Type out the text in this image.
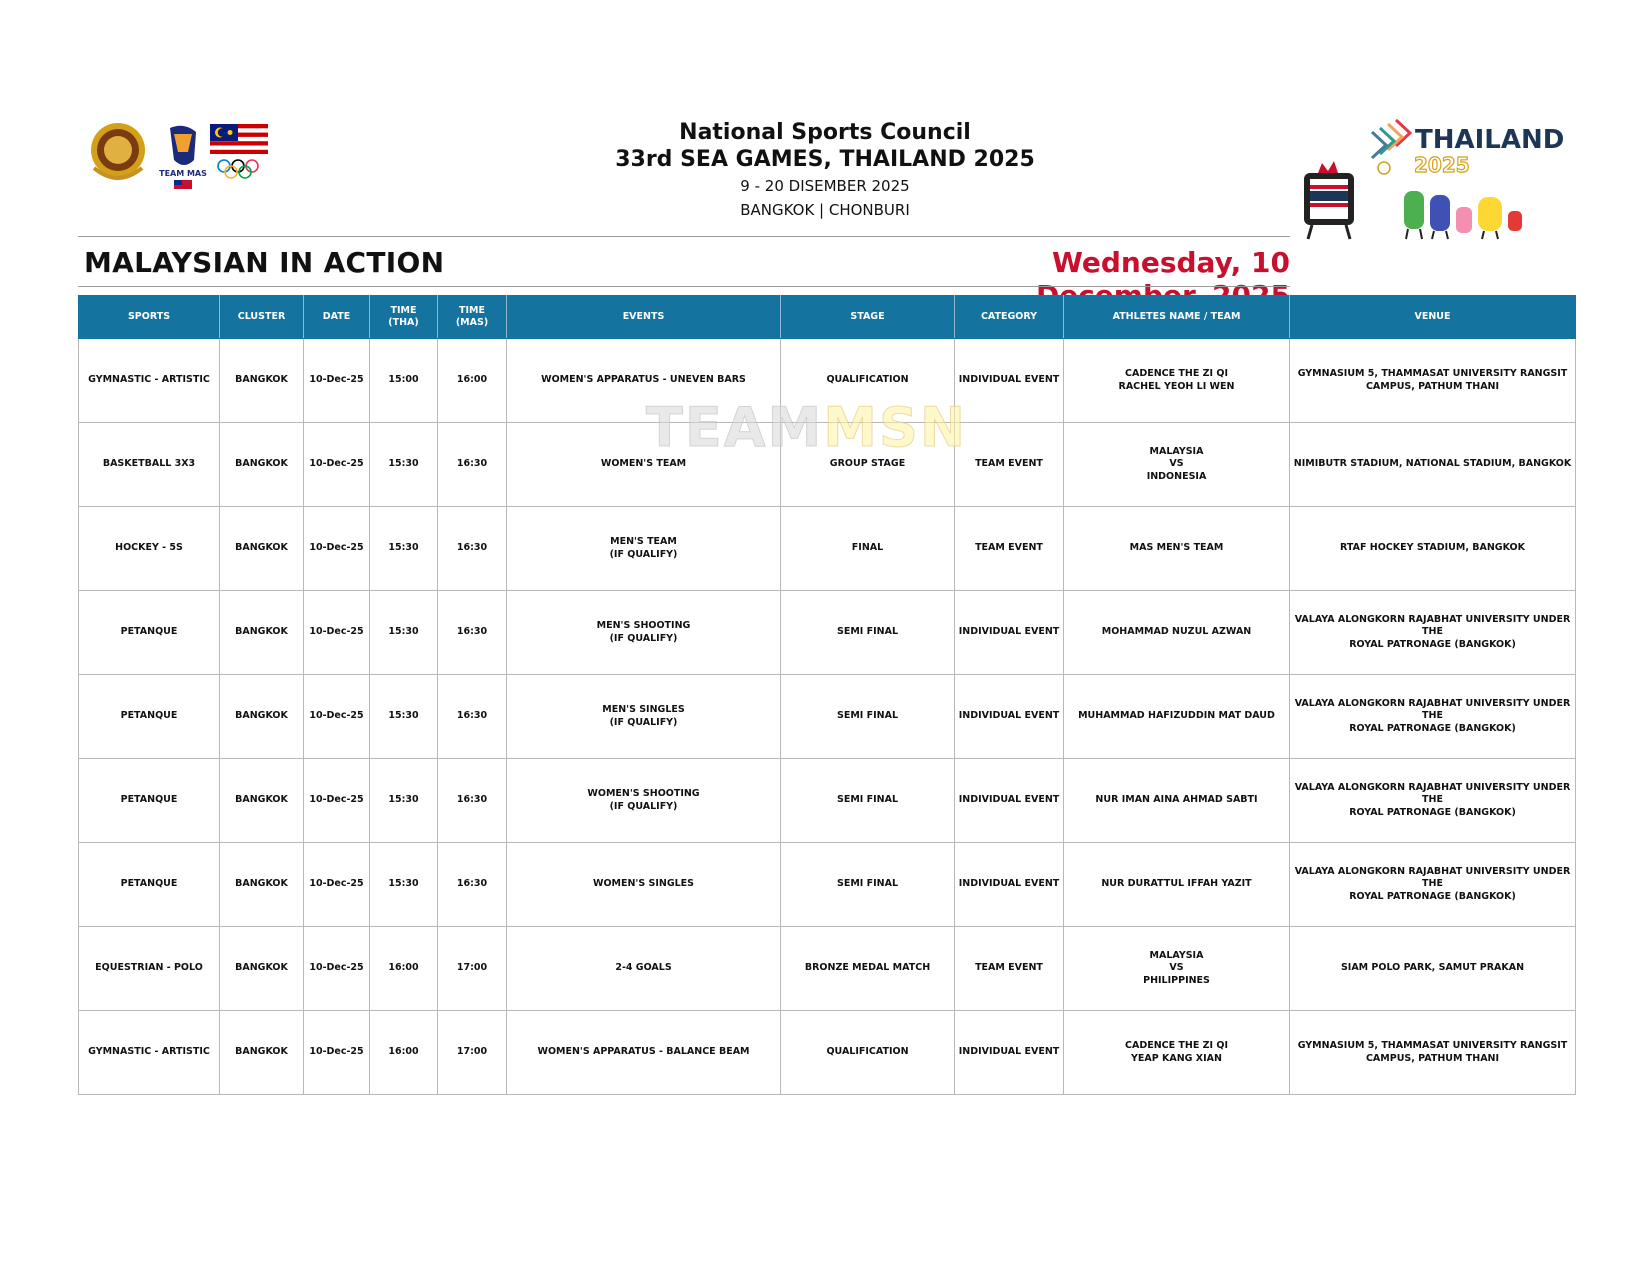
TEAM MAS
National Sports Council
33rd SEA GAMES, THAILAND 2025
9 - 20 DISEMBER 2025
BANGKOK | CHONBURI
THAILAND
2025
MALAYSIAN IN ACTION	Wednesday, 10
SPORTS	CLUSTER	DATE	TIME
(THA)	TIME
(MAS)	EVENTS	STAGE	CATEGORY	ATHLETES NAME / TEAM	VENUE
GYMNASTIC - ARTISTIC	BANGKOK	10-Dec-25	15:00	16:00	WOMEN'S APPARATUS - UNEVEN BARS	QUALIFICATION	INDIVIDUAL EVENT	CADENCE THE ZI QI
RACHEL YEOH LI WEN	GYMNASIUM 5, THAMMASAT UNIVERSITY RANGSIT
CAMPUS, PATHUM THANI
BASKETBALL 3X3	BANGKOK	10-Dec-25	15:30	16:30	WOMEN'S TEAM	GROUP STAGE	TEAM EVENT	MALAYSIA
VS
INDONESIA	NIMIBUTR STADIUM, NATIONAL STADIUM, BANGKOK
HOCKEY - 5S	BANGKOK	10-Dec-25	15:30	16:30	MEN'S TEAM
(IF QUALIFY)	FINAL	TEAM EVENT	MAS MEN'S TEAM	RTAF HOCKEY STADIUM, BANGKOK
PETANQUE	BANGKOK	10-Dec-25	15:30	16:30	MEN'S SHOOTING
(IF QUALIFY)	SEMI FINAL	INDIVIDUAL EVENT	MOHAMMAD NUZUL AZWAN	VALAYA ALONGKORN RAJABHAT UNIVERSITY UNDER THE
ROYAL PATRONAGE (BANGKOK)
PETANQUE	BANGKOK	10-Dec-25	15:30	16:30	MEN'S SINGLES
(IF QUALIFY)	SEMI FINAL	INDIVIDUAL EVENT	MUHAMMAD HAFIZUDDIN MAT DAUD	VALAYA ALONGKORN RAJABHAT UNIVERSITY UNDER THE
ROYAL PATRONAGE (BANGKOK)
PETANQUE	BANGKOK	10-Dec-25	15:30	16:30	WOMEN'S SHOOTING
(IF QUALIFY)	SEMI FINAL	INDIVIDUAL EVENT	NUR IMAN AINA AHMAD SABTI	VALAYA ALONGKORN RAJABHAT UNIVERSITY UNDER THE
ROYAL PATRONAGE (BANGKOK)
PETANQUE	BANGKOK	10-Dec-25	15:30	16:30	WOMEN'S SINGLES	SEMI FINAL	INDIVIDUAL EVENT	NUR DURATTUL IFFAH YAZIT	VALAYA ALONGKORN RAJABHAT UNIVERSITY UNDER THE
ROYAL PATRONAGE (BANGKOK)
EQUESTRIAN - POLO	BANGKOK	10-Dec-25	16:00	17:00	2-4 GOALS	BRONZE MEDAL MATCH	TEAM EVENT	MALAYSIA
VS
PHILIPPINES	SIAM POLO PARK, SAMUT PRAKAN
GYMNASTIC - ARTISTIC	BANGKOK	10-Dec-25	16:00	17:00	WOMEN'S APPARATUS - BALANCE BEAM	QUALIFICATION	INDIVIDUAL EVENT	CADENCE THE ZI QI
YEAP KANG XIAN	GYMNASIUM 5, THAMMASAT UNIVERSITY RANGSIT
CAMPUS, PATHUM THANI
TEAMMSN
